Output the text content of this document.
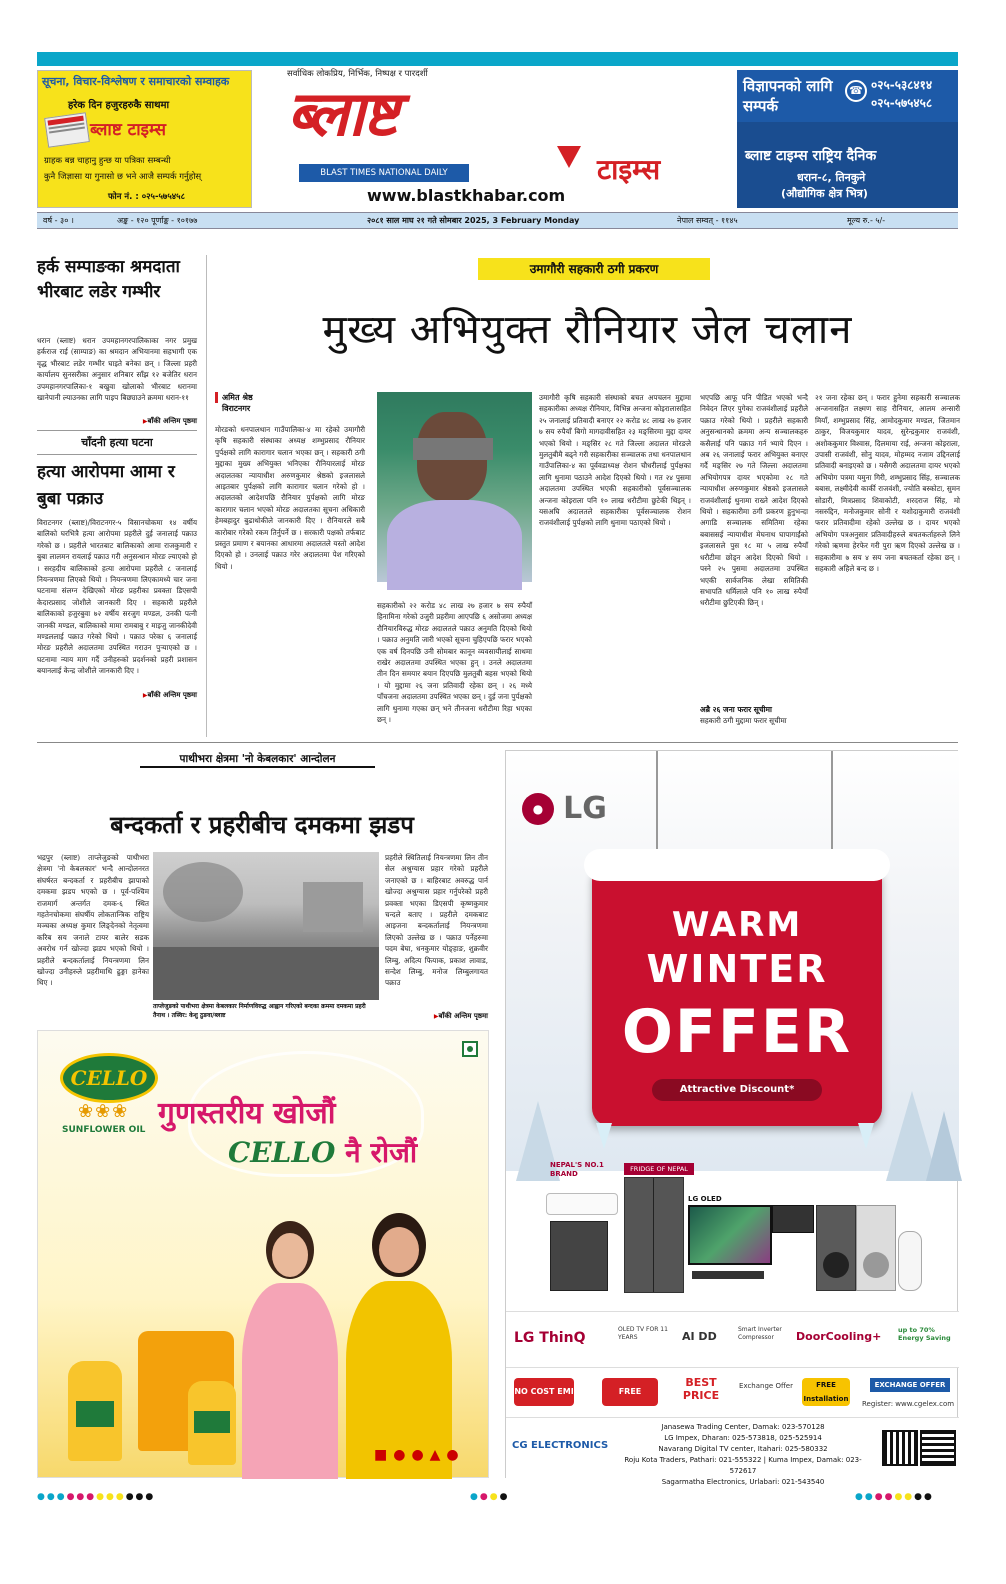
सूचना, विचार-विश्लेषण र समाचारको सम्वाहक
हरेक दिन हजुरहरुकै साथमा
ब्लाष्ट टाइम्स
ग्राहक बन्न चाहानु हुन्छ या पत्रिका सम्बन्धी
कुनै जिज्ञासा या गुनासो छ भने आजै सम्पर्क गर्नुहोस्
फोन नं. : ०२५-५७५४५८
सर्वाधिक लोकप्रिय, निर्भिक, निष्पक्ष र पारदर्शी
ब्लाष्ट
BLAST TIMES NATIONAL DAILY	टाइम्स
www.blastkhabar.com
विज्ञापनको लागि सम्पर्क
☎ ०२५-५३८४१४
०२५-५७५४५८
ब्लाष्ट टाइम्स राष्ट्रिय दैनिक
धरान-८, तिनकुने
(औद्योगिक क्षेत्र भित्र)
वर्ष - ३० ।	अङ्क - १२० पूर्णाङ्क - १०१७७	२०८१ साल माघ २१ गते सोमबार 2025, 3 February Monday	नेपाल सम्वत् - ११४५	मूल्य रु.- ५/-
हर्क सम्पाङका श्रमदाता भीरबाट लडेर गम्भीर

धरान (ब्लाष्ट) धरान उपमहानगरपालिकाका नगर प्रमुख हर्कराज राई (साम्पाङ) का श्रमदान अभियानमा सहभागी एक वृद्ध भीरबाट लडेर गम्भीर घाइते बनेका छन् । जिल्ला प्रहरी कार्यालय सुनसरीका अनुसार शनिबार साँझ १२ बजेतिर धरान उपमहानगरपालिका-१ बखुवा खोलाको भीरबाट धरानमा खानेपानी ल्याउनका लागि पाइप बिछ्याउने क्रममा धरान-११

▶ बाँकी अन्तिम पृष्ठमा
चाँदनी हत्या घटना
हत्या आरोपमा आमा र बुबा पक्राउ

विराटनगर (ब्लाष्ट)/विराटनगर-५ विसानचोकमा १४ वर्षीय बालिको घरभित्रै हत्या आरोपमा प्रहरीले दुई जनालाई पक्राउ गरेको छ । प्रहरीले भारतबाट बालिकाको आमा राजकुमारी र बुबा लालमन रायलाई पक्राउ गरी अनुसन्धान मोरङ ल्याएको हो । सरहदीय बालिकाको हत्या आरोपमा प्रहरीले ८ जनालाई नियन्त्रणमा लिएको थियो । नियन्त्रणमा लिएकामध्ये चार जना घटनामा संलग्न देखिएको मोरङ प्रहरीका प्रवक्ता डिएसपी केदारप्रसाद जोशीले जानकारी दिए । सहकारी प्रहरीले बालिकाको हजुरबुवा ७२ वर्षीय सरजुग मण्डल, उनकी पत्नी जानकी मण्डल, बालिकाको मामा रामबाबु र माइजु जानकीदेवी मण्डललाई पक्राउ गरेको थियो । पक्राउ परेका ६ जनालाई मोरङ प्रहरीले अदालतमा उपस्थित गराउन पुर्‍याएको छ । घटनामा न्याय माग गर्दै उनीहरुको प्रदर्शनको प्रहरी प्रशासन बयानलाई केन्द्र जोशीले जानकारी दिए ।

▶ बाँकी अन्तिम पृष्ठमा
उमागौरी सहकारी ठगी प्रकरण
मुख्य अभियुक्त रौनियार जेल चलान
अमित श्रेष्ठ
विराटनगर

मोरङको धनपालथान गाउँपालिका-४ मा रहेको उमागौरी कृषि सहकारी संस्थाका अध्यक्ष शम्भुप्रसाद रौनियार पुर्पक्षको लागि कारागार चलान भएका छन् । सहकारी ठगी मुद्दाका मुख्य अभियुक्त भनिएका रौनियारलाई मोरङ अदालतका न्यायाधीश अरुणकुमार श्रेष्ठको इजलासले आइतबार पुर्पक्षको लागि कारागार चलान गरेको हो । अदालतको आदेशपछि रौनियार पुर्पक्षको लागि मोरङ कारागार चलान भएको मोरङ अदालतका सूचना अधिकारी हेमबहादुर बुढाथोकीले जानकारी दिए । रौनियारले सबै कारोबार गरेको रकम तिर्नुपर्ने छ । सरकारी पक्षको तर्फबाट प्रस्तुत प्रमाण र बयानका आधारमा अदालतले यस्तो आदेश दिएको हो । उनलाई पक्राउ गरेर अदालतमा पेश गरिएको थियो ।

सहकारीको २२ करोड ४८ लाख २७ हजार ७ सय रुपैयाँ हिनामिना गरेको उजुरी प्रहरीमा आएपछि ६ असोजमा अध्यक्ष रौनियारविरुद्ध मोरङ अदालतले पक्राउ अनुमति दिएको थियो । पक्राउ अनुमति जारी भएको सूचना चुहिएपछि फरार भएको एक वर्ष दिनपछि उनी सोमबार कानून व्यवसायीलाई साथमा राखेर अदालतमा उपस्थित भएका हुन् । उनले अदालतमा तीन दिन समयार बयान दिएपछि मुलतुबी बहस भएको थियो । यो मुद्दामा २६ जना प्रतिवादी रहेका छन् । २६ मध्ये पाँचजना अदालतमा उपस्थित भएका छन् । दुई जना पुर्पक्षको लागि थुनामा गएका छन् भने तीनजना धरौटीमा रिहा भएका छन् ।

उमागौरी कृषि सहकारी संस्थाको बचत अपचलन मुद्दामा सहकारीका अध्यक्ष रौनियार, विभिन्न अन्जना कोइरालासहित २५ जनालाई प्रतिवादी बनाएर २२ करोड ४८ लाख २७ हजार ७ सय रुपैयाँ बिगो मागदावीसहित २३ मङ्सिरमा मुद्दा दायर भएको थियो । मङ्सिर २८ गते जिल्ला अदालत मोरङले मुलतुबीमै बढ्ने गरी सहकारीका सञ्चालक तथा धनपालथान गाउँपालिका-४ का पूर्ववडाध्यक्ष रोशन चौधरीलाई पुर्पक्षका लागि थुनामा पठाउने आदेश दिएको थियो । गत २४ पुसमा अदालतमा उपस्थित भएकी सहकारीको पूर्वसञ्चालक अन्जना कोइराला पनि १० लाख धरौटीमा छुटेकी थिइन् । यसअघि अदालतले सहकारीका पूर्वसञ्चालक रोशन राजवंशीलाई पुर्पक्षको लागि थुनामा पठाएको थियो ।

भएपछि आफू पनि पीडित भएको भन्दै निवेदन लिएर पुगेका राजवंशीलाई प्रहरीले पक्राउ गरेको थियो । प्रहरीले सहकारी अनुसन्धानको क्रममा अन्य सञ्चालकहरु कसैलाई पनि पक्राउ गर्न भ्याये दिएन । अब २६ जनालाई फरार अभियुक्त बनाएर गर्दै मङ्सिर २७ गते जिल्ला अदालतमा अभियोगपत्र दायर भएकोमा २८ गते न्यायाधीश अरुणकुमार श्रेष्ठको इजलासले राजवंशीलाई थुनामा राख्ने आदेश दिएको थियो । सहकारीमा ठगी प्रकरण हुनुभन्दा अगाडि सञ्चालक समितिमा रहेका बबाससई न्यायाधीश मेघनाथ घापागाईंको इजलासले पुस १८ मा ५ लाख रुपैयाँ धरौटीमा छोड्न आदेश दिएको थियो । पस्ने २५ पुसमा अदालतमा उपस्थित भएकी सार्वजनिक लेखा समितिकी सभापति धर्मिलाले पनि १० लाख रुपैयाँ धरौटीमा छुटिएकी छिन् ।

अब्रै २६ जना फरार सूचीमा

सहकारी ठगी मुद्दामा फरार सूचीमा

२१ जना रहेका छन् । फरार हुनेमा सहकारी सञ्चालक अन्जनासहित लक्ष्मण साह रौनियार, आलम अन्सारी मियाँ, शम्भुप्रसाद सिंह, आमोदकुमार मण्डल, जितमान ठाकुर, विजयकुमार यादव, सुरेन्द्रकुमार राजवंशी, अशोककुमार विश्वास, दिलमाया राई, अन्जना कोइराला, उपासी राजवंशी, सोनु यादव, मोहम्मद नजाम उद्दिनलाई प्रतिवादी बनाइएको छ । यसैगरी अदालतमा दायर भएको अभियोग पत्रमा यमुना गिरी, शम्भुप्रसाद सिंह, सञ्चालक बबास, लक्ष्मीदेवी कार्की राजवंशी, ज्योति बस्कोटा, सुमन सोडारी, मित्रप्रसाद शिवाकोटी, शरदराज सिंह, मो नसरुद्दिन, मनोजकुमार सोनी र यशोदाकुमारी राजवंशी फरार प्रतिवादीमा रहेको उल्लेख छ । दायर भएको अभियोग पत्रअनुसार प्रतिवादीहरुले बचतकर्ताहरुले लिने गरेको ऋणमा हेरफेर गरी पुरा ऋण दिएको उल्लेख छ । सहकारीमा ७ सय ४ सय जना बचतकर्ता रहेका छन् । सहकारी अहिले बन्द छ ।

पाथीभरा क्षेत्रमा 'नो केबलकार' आन्दोलन
बन्दकर्ता र प्रहरीबीच दमकमा झडप

भद्रपुर (ब्लाष्ट) ताप्लेजुङको पाथीभरा क्षेत्रमा 'नो केबलकार' भन्दै आन्दोलनरत संघर्षरत बन्दकर्ता र प्रहरीबीच झापाको दमकमा झडप भएको छ । पूर्व-पश्चिम राजमार्ग अन्तर्गत दमक-६ स्थित गहतेनचोकमा संघर्षीय लोकतान्त्रिक राष्ट्रिय मञ्चका अध्यक्ष कुमार लिङ्देनको नेतृत्वमा करिब सय जनाले टायर बालेर सडक अवरोध गर्न खोज्दा झडप भएको थियो । प्रहरीले बन्दकर्तालाई नियन्त्रणमा लिन खोज्दा उनीहरुले प्रहरीमाथि ढुङ्गा हानेका थिए ।

ताप्लेजुङको पाथीभरा क्षेत्रमा केबलकार निर्माणविरुद्ध आह्वान गरिएको बन्दका क्रममा दमकमा प्रहरी तैनाथ । तस्विर: केशु ठुङवा/ब्लाष्ट

प्रहरीले स्थितिलाई नियन्त्रणमा लिन तीन सेल अश्रुग्यास प्रहार गरेको प्रहरीले जनाएको छ । बाहिरबाट अवरुद्ध पार्न खोज्दा अश्रुग्यास प्रहार गर्नुपरेको प्रहरी प्रवक्ता भएका डिएसपी कृष्णकुमार चन्दले बताए । प्रहरीले दमकबाट आइजना बन्दकर्तालाई नियन्त्रणमा लिएको उल्लेख छ । पक्राउ पर्नेहरुमा पदम बेघा, धनकुमार योङ्हाङ, शुक्रवीर लिम्बु, अदित्य फियाक, प्रकाश लावाड, सन्देश लिम्बु, मनोज लिम्बुलगायत पक्राउ

▶ बाँकी अन्तिम पृष्ठमा
CELLO
❀❀❀
SUNFLOWER OIL गुणस्तरीय खोजौं
CELLO नै रोजौं
■●●▲●
● LG
WARM
WINTER
OFFER
Attractive Discount*
NEPAL'S NO.1 BRAND
FRIDGE OF NEPAL
LG OLED
LG ThinQ
OLED TV FOR 11 YEARS	AI DD
Smart Inverter Compressor	DoorCooling+	up to 70% Energy Saving
NO COST EMI	FREE
BEST PRICE
Exchange Offer	FREE Installation
EXCHANGE OFFER
Register: www.cgelex.com
CG ELECTRONICS
Janasewa Trading Center, Damak: 023-570128
LG Impex, Dharan: 025-573818, 025-525914
Navarang Digital TV center, Itahari: 025-580332
Roju Kota Traders, Pathari: 021-555322 | Kuma Impex, Damak: 023-572617
Sagarmatha Electronics, Urlabari: 021-543540
●●●●●●●●●●●●	●●●●	●●●●●●●●
